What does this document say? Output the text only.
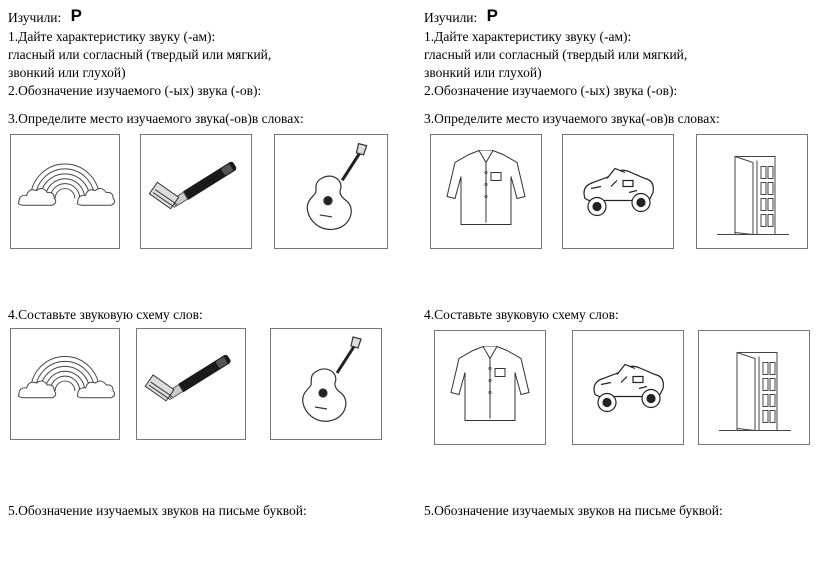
Изучили: Р
1.Дайте характеристику звуку (-ам):
гласный или согласный (твердый или мягкий,
звонкий или глухой)
2.Обозначение изучаемого (-ых) звука (-ов):
3.Определите место изучаемого звука(-ов)в словах:
4.Составьте звуковую схему слов:
5.Обозначение изучаемых звуков на письме буквой:
Изучили: Р
1.Дайте характеристику звуку (-ам):
гласный или согласный (твердый или мягкий,
звонкий или глухой)
2.Обозначение изучаемого (-ых) звука (-ов):
3.Определите место изучаемого звука(-ов)в словах:
4.Составьте звуковую схему слов:
5.Обозначение изучаемых звуков на письме буквой:
